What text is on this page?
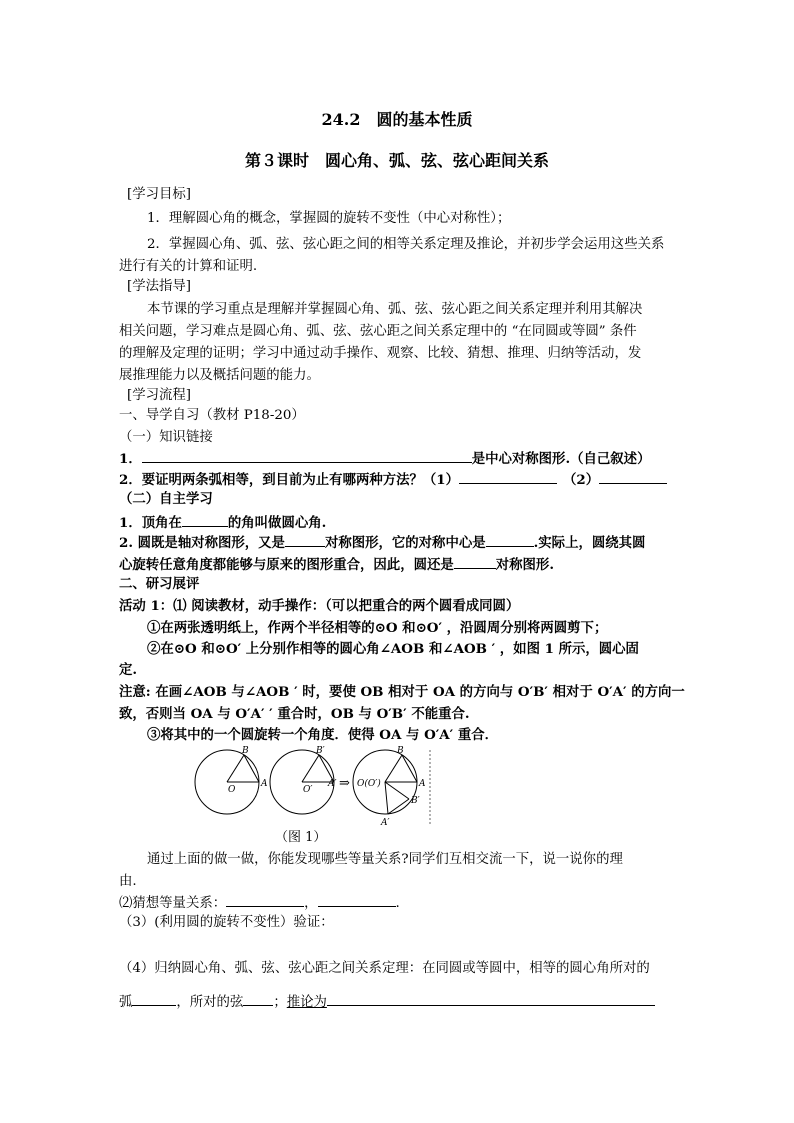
24.2　圆的基本性质
第３课时　圆心角、弧、弦、弦心距间关系
[学习目标]
1．理解圆心角的概念，掌握圆的旋转不变性（中心对称性）；
2．掌握圆心角、弧、弦、弦心距之间的相等关系定理及推论，并初步学会运用这些关系
进行有关的计算和证明.
[学法指导]
本节课的学习重点是理解并掌握圆心角、弧、弦、弦心距之间关系定理并利用其解决
相关问题，学习难点是圆心角、弧、弦、弦心距之间关系定理中的 “在同圆或等圆” 条件
的理解及定理的证明；学习中通过动手操作、观察、比较、猜想、推理、归纳等活动，发
展推理能力以及概括问题的能力。
[学习流程]
一、导学自习（教材 P18-20）
（一）知识链接
1．	是中心对称图形.（自己叙述）
2．要证明两条弧相等，到目前为止有哪两种方法？（1）	（2）
（二）自主学习
1．顶角在	的角叫做圆心角.
2. 圆既是轴对称图形，又是	对称图形，它的对称中心是	.实际上，圆绕其圆
心旋转任意角度都能够与原来的图形重合，因此，圆还是	对称图形.
二、研习展评
活动 1：⑴ 阅读教材，动手操作：（可以把重合的两个圆看成同圆）
①在两张透明纸上，作两个半径相等的⊙O 和⊙O′ ，沿圆周分别将两圆剪下；
②在⊙O 和⊙O′ 上分别作相等的圆心角∠AOB 和∠AOB ′ ，如图 1 所示，圆心固
定.
注意: 在画∠AOB 与∠AOB ′ 时，要使 OB 相对于 OA 的方向与 O′B′ 相对于 O′A′ 的方向一
致，否则当 OA 与 O′A′ ′ 重合时，OB 与 O′B′ 不能重合.
③将其中的一个圆旋转一个角度．使得 OA 与 O′A′ 重合．
B
O
A
B′
O′
A′ ⇒
B
O(O′)	A
B′
A′
（图 1）
通过上面的做一做，你能发现哪些等量关系?同学们互相交流一下，说一说你的理
由.
⑵猜想等量关系：	，	.
（3）(利用圆的旋转不变性）验证：
（4）归纳圆心角、弧、弦、弦心距之间关系定理：在同圆或等圆中，相等的圆心角所对的
弧	，所对的弦 ；推论为
